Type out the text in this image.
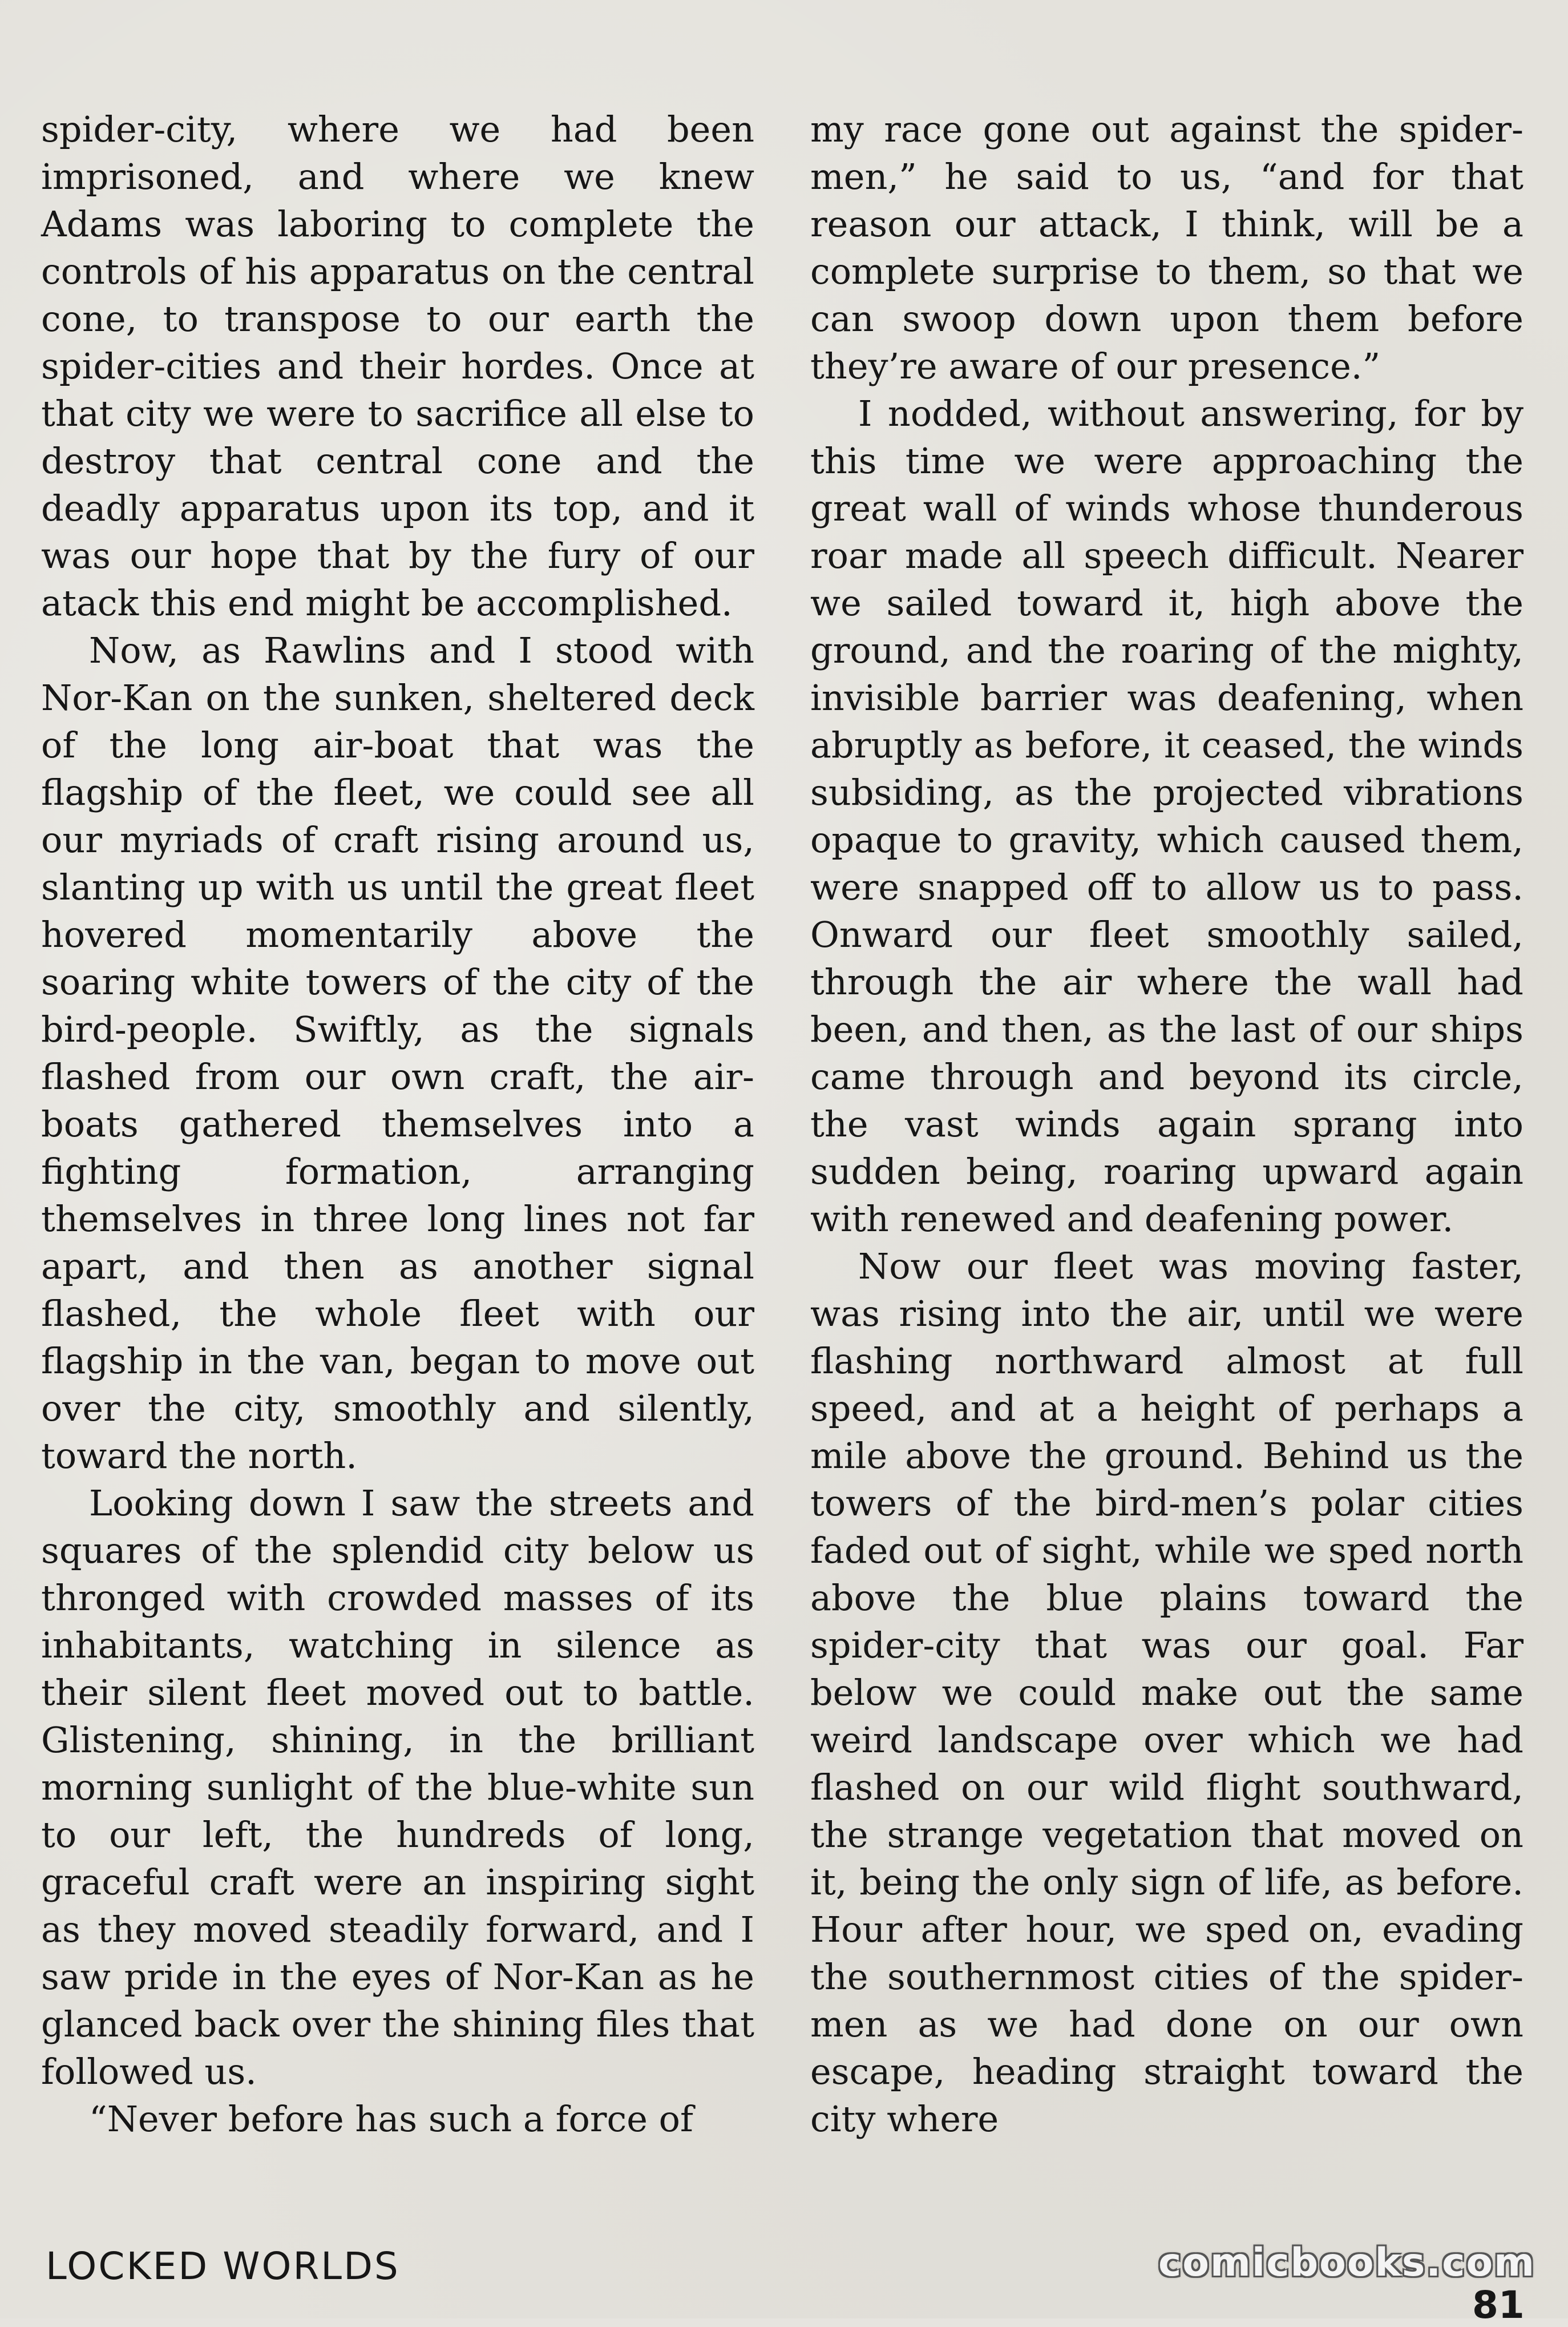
spider-city, where we had been imprisoned, and where we knew Adams was laboring to complete the controls of his apparatus on the central cone, to transpose to our earth the spider-cities and their hordes. Once at that city we were to sacrifice all else to destroy that central cone and the deadly apparatus upon its top, and it was our hope that by the fury of our atack this end might be accomplished.

Now, as Rawlins and I stood with Nor-Kan on the sunken, sheltered deck of the long air-boat that was the flagship of the fleet, we could see all our myriads of craft rising around us, slanting up with us until the great fleet hovered momentarily above the soaring white towers of the city of the bird-people. Swiftly, as the signals flashed from our own craft, the air-boats gathered themselves into a fighting formation, arranging themselves in three long lines not far apart, and then as another signal flashed, the whole fleet with our flagship in the van, began to move out over the city, smoothly and silently, toward the north.

Looking down I saw the streets and squares of the splendid city below us thronged with crowded masses of its inhabitants, watching in silence as their silent fleet moved out to battle. Glistening, shining, in the brilliant morning sunlight of the blue-white sun to our left, the hundreds of long, graceful craft were an inspiring sight as they moved steadily forward, and I saw pride in the eyes of Nor-Kan as he glanced back over the shining files that followed us.

“Never before has such a force of

my race gone out against the spider-men,” he said to us, “and for that reason our attack, I think, will be a complete surprise to them, so that we can swoop down upon them before they’re aware of our presence.”

I nodded, without answering, for by this time we were approaching the great wall of winds whose thunderous roar made all speech difficult. Nearer we sailed toward it, high above the ground, and the roaring of the mighty, invisible barrier was deafening, when abruptly as before, it ceased, the winds subsiding, as the projected vibrations opaque to gravity, which caused them, were snapped off to allow us to pass. Onward our fleet smoothly sailed, through the air where the wall had been, and then, as the last of our ships came through and beyond its circle, the vast winds again sprang into sudden being, roaring upward again with renewed and deafening power.

Now our fleet was moving faster, was rising into the air, until we were flashing northward almost at full speed, and at a height of perhaps a mile above the ground. Behind us the towers of the bird-men’s polar cities faded out of sight, while we sped north above the blue plains toward the spider-city that was our goal. Far below we could make out the same weird landscape over which we had flashed on our wild flight southward, the strange vegetation that moved on it, being the only sign of life, as before. Hour after hour, we sped on, evading the southernmost cities of the spider-men as we had done on our own escape, heading straight toward the city where

LOCKED WORLDS	comicbooks.com
81
